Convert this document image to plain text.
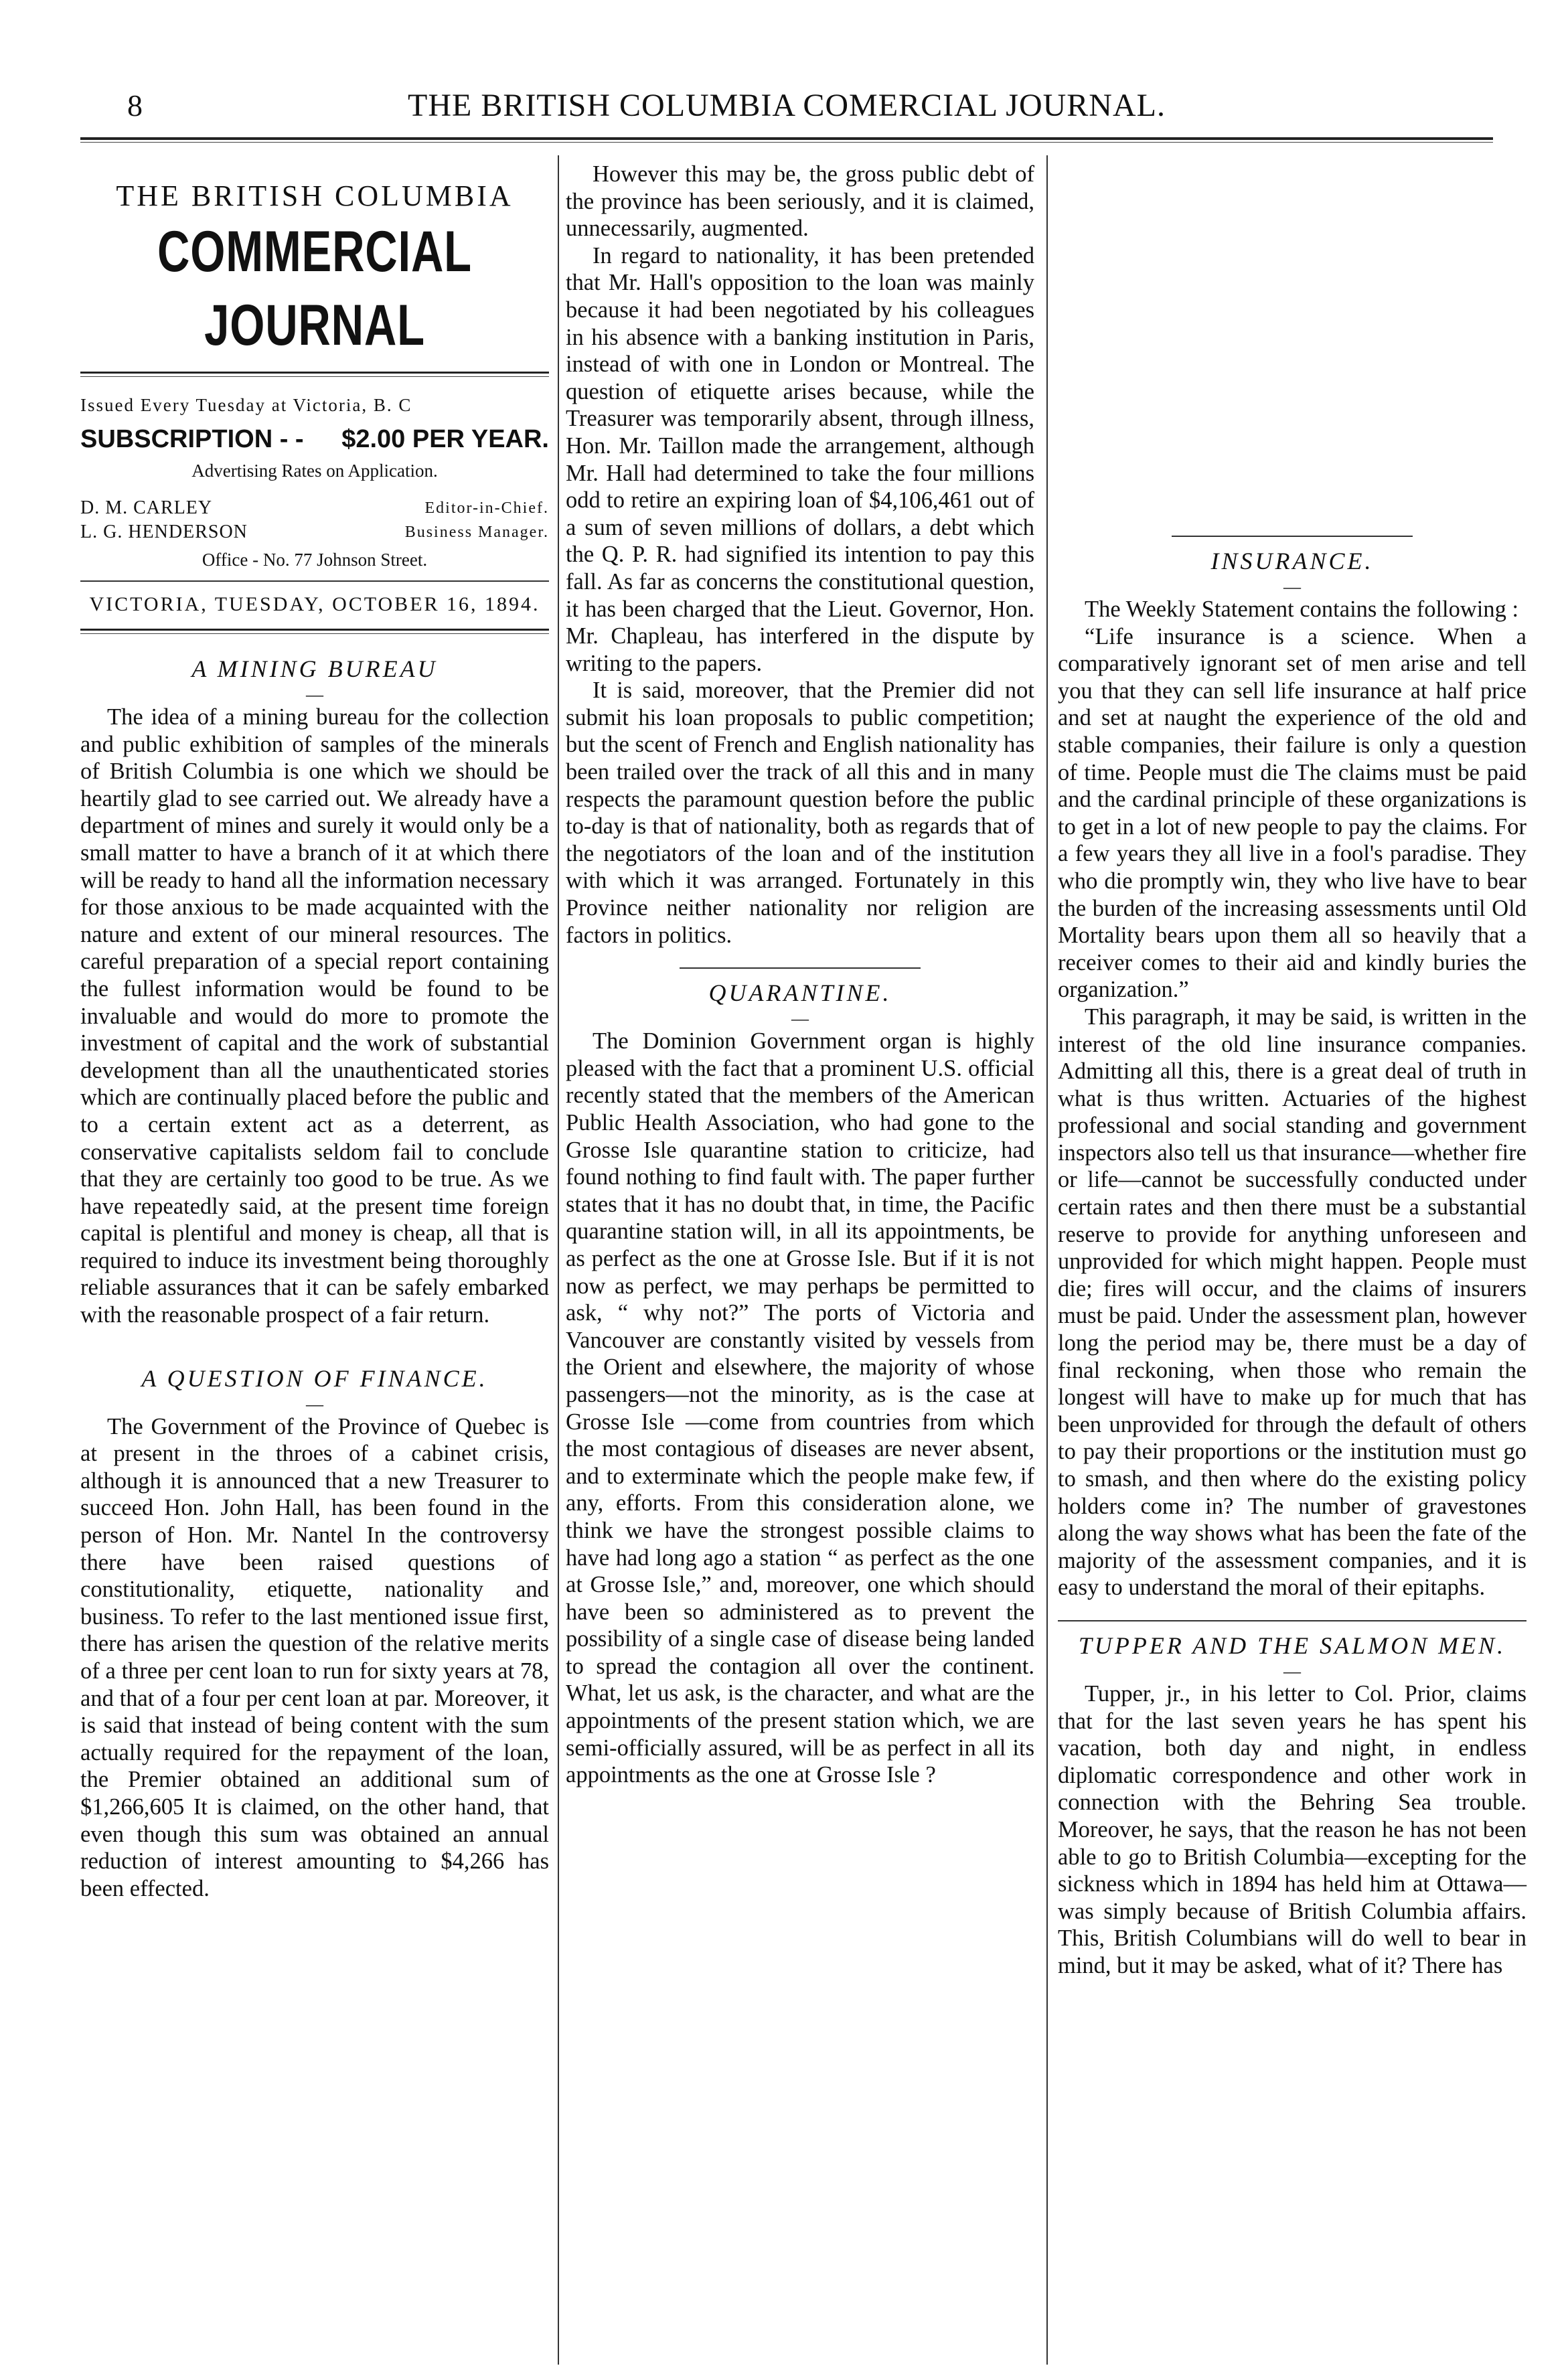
8	THE BRITISH COLUMBIA COMERCIAL JOURNAL.
THE BRITISH COLUMBIA
COMMERCIAL JOURNAL
Issued Every Tuesday at Victoria, B. C
SUBSCRIPTION - - $2.00 PER YEAR.
Advertising Rates on Application.
D. M. CARLEY	Editor-in-Chief.
L. G. HENDERSON	Business Manager.
Office - No. 77 Johnson Street.
VICTORIA, TUESDAY, OCTOBER 16, 1894.
A MINING BUREAU
—

The idea of a mining bureau for the collection and public exhibition of samples of the minerals of British Columbia is one which we should be heartily glad to see carried out. We already have a department of mines and surely it would only be a small matter to have a branch of it at which there will be ready to hand all the information necessary for those anxious to be made acquainted with the nature and extent of our mineral resources. The careful preparation of a special report containing the fullest information would be found to be invaluable and would do more to promote the investment of capital and the work of substantial development than all the unauthenticated stories which are continually placed before the public and to a certain extent act as a deterrent, as conservative capitalists seldom fail to conclude that they are certainly too good to be true. As we have repeatedly said, at the present time foreign capital is plentiful and money is cheap, all that is required to induce its investment being thoroughly reliable assurances that it can be safely embarked with the reasonable prospect of a fair return.

A QUESTION OF FINANCE.
—

The Government of the Province of Quebec is at present in the throes of a cabinet crisis, although it is announced that a new Treasurer to succeed Hon. John Hall, has been found in the person of Hon. Mr. Nantel In the controversy there have been raised questions of constitutionality, etiquette, nationality and business. To refer to the last mentioned issue first, there has arisen the question of the relative merits of a three per cent loan to run for sixty years at 78, and that of a four per cent loan at par. Moreover, it is said that instead of being content with the sum actually required for the repayment of the loan, the Premier obtained an additional sum of $1,266,605 It is claimed, on the other hand, that even though this sum was obtained an annual reduction of interest amounting to $4,266 has been effected.

However this may be, the gross public debt of the province has been seriously, and it is claimed, unnecessarily, augmented.

In regard to nationality, it has been pretended that Mr. Hall's opposition to the loan was mainly because it had been negotiated by his colleagues in his absence with a banking institution in Paris, instead of with one in London or Montreal. The question of etiquette arises because, while the Treasurer was temporarily absent, through illness, Hon. Mr. Taillon made the arrangement, although Mr. Hall had determined to take the four millions odd to retire an expiring loan of $4,106,461 out of a sum of seven millions of dollars, a debt which the Q. P. R. had signified its intention to pay this fall. As far as concerns the constitutional question, it has been charged that the Lieut. Governor, Hon. Mr. Chapleau, has interfered in the dispute by writing to the papers.

It is said, moreover, that the Premier did not submit his loan proposals to public competition; but the scent of French and English nationality has been trailed over the track of all this and in many respects the paramount question before the public to-day is that of nationality, both as regards that of the negotiators of the loan and of the institution with which it was arranged. Fortunately in this Province neither nationality nor religion are factors in politics.

QUARANTINE.
—

The Dominion Government organ is highly pleased with the fact that a prominent U.S. official recently stated that the members of the American Public Health Association, who had gone to the Grosse Isle quarantine station to criticize, had found nothing to find fault with. The paper further states that it has no doubt that, in time, the Pacific quarantine station will, in all its appointments, be as perfect as the one at Grosse Isle. But if it is not now as perfect, we may perhaps be permitted to ask, “ why not?” The ports of Victoria and Vancouver are constantly visited by vessels from the Orient and elsewhere, the majority of whose passengers—not the minority, as is the case at Grosse Isle —come from countries from which the most contagious of diseases are never absent, and to exterminate which the people make few, if any, efforts. From this consideration alone, we think we have the strongest possible claims to have had long ago a station “ as perfect as the one at Grosse Isle,” and, moreover, one which should have been so administered as to prevent the possibility of a single case of disease being landed to spread the contagion all over the continent. What, let us ask, is the character, and what are the appointments of the present station which, we are semi-officially assured, will be as perfect in all its appointments as the one at Grosse Isle ?

INSURANCE.
—

The Weekly Statement contains the following :

“Life insurance is a science. When a comparatively ignorant set of men arise and tell you that they can sell life insurance at half price and set at naught the experience of the old and stable companies, their failure is only a question of time. People must die The claims must be paid and the cardinal principle of these organizations is to get in a lot of new people to pay the claims. For a few years they all live in a fool's paradise. They who die promptly win, they who live have to bear the burden of the increasing assessments until Old Mortality bears upon them all so heavily that a receiver comes to their aid and kindly buries the organization.”

This paragraph, it may be said, is written in the interest of the old line insurance companies. Admitting all this, there is a great deal of truth in what is thus written. Actuaries of the highest professional and social standing and government inspectors also tell us that insurance—whether fire or life—cannot be successfully conducted under certain rates and then there must be a substantial reserve to provide for anything unforeseen and unprovided for which might happen. People must die; fires will occur, and the claims of insurers must be paid. Under the assessment plan, however long the period may be, there must be a day of final reckoning, when those who remain the longest will have to make up for much that has been unprovided for through the default of others to pay their proportions or the institution must go to smash, and then where do the existing policy holders come in? The number of gravestones along the way shows what has been the fate of the majority of the assessment companies, and it is easy to understand the moral of their epitaphs.

TUPPER AND THE SALMON MEN.
—

Tupper, jr., in his letter to Col. Prior, claims that for the last seven years he has spent his vacation, both day and night, in endless diplomatic correspondence and other work in connection with the Behring Sea trouble. Moreover, he says, that the reason he has not been able to go to British Columbia—excepting for the sickness which in 1894 has held him at Ottawa—was simply because of British Columbia affairs. This, British Columbians will do well to bear in mind, but it may be asked, what of it? There has
